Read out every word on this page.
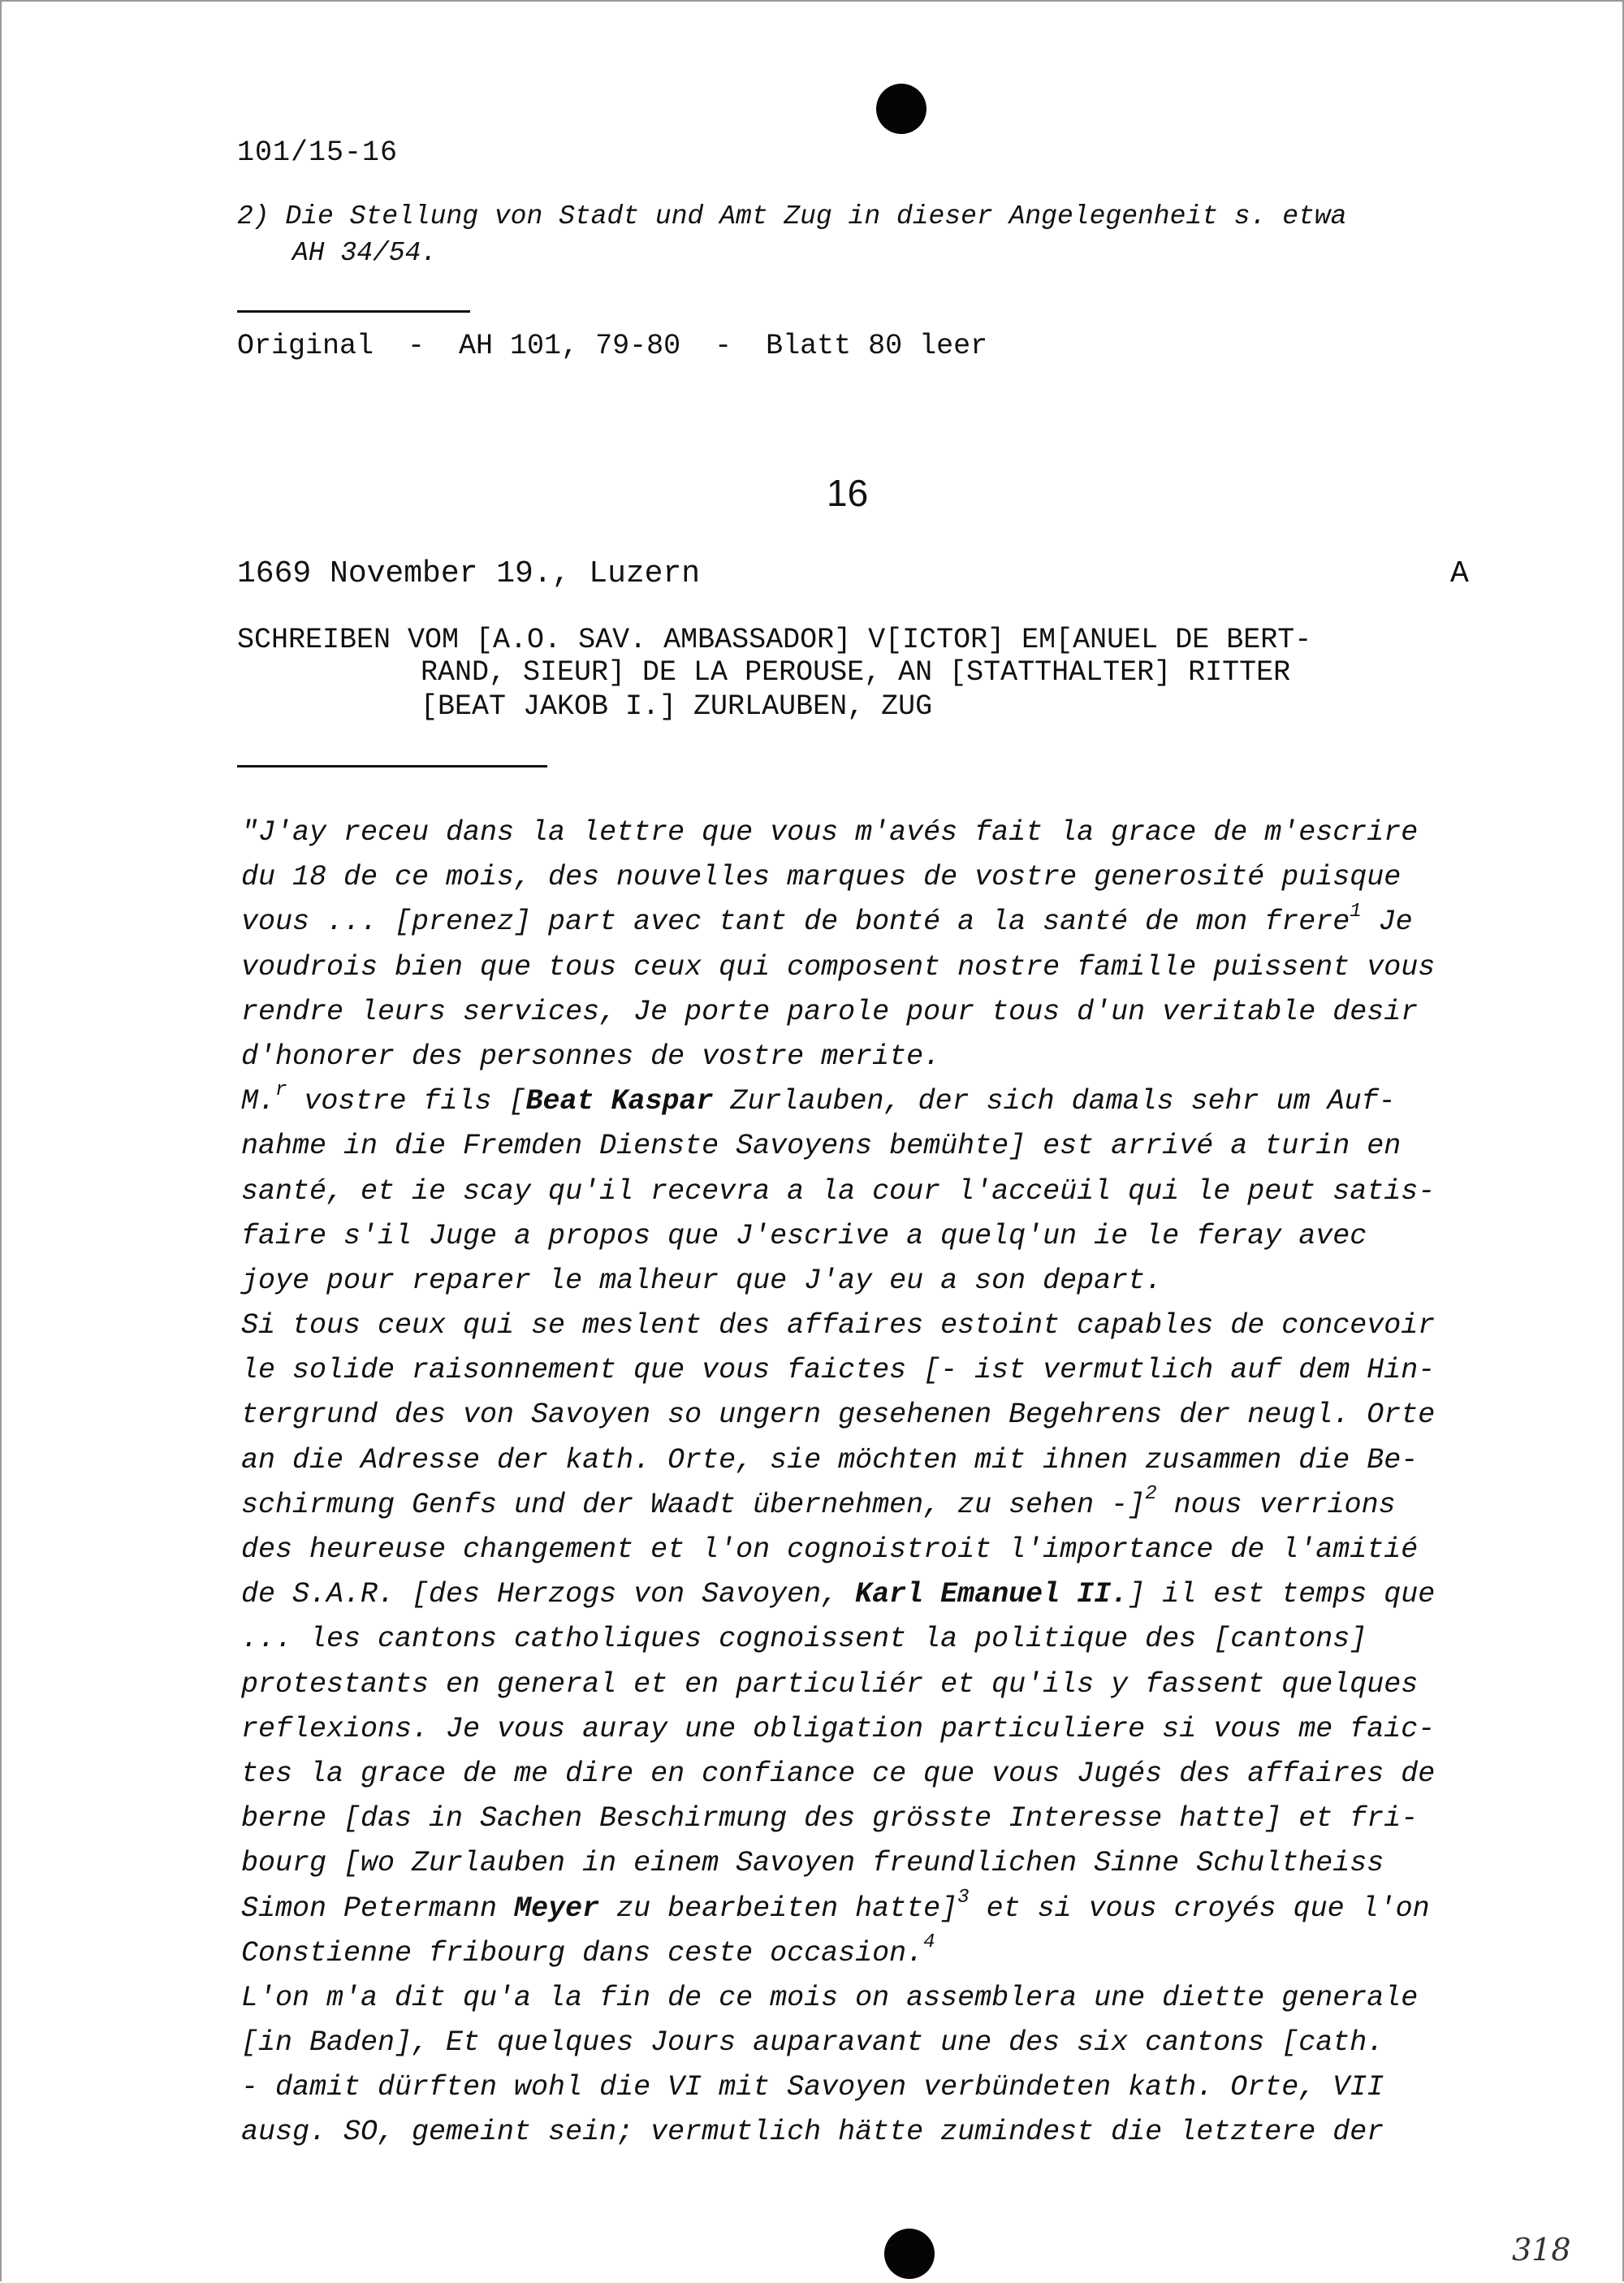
101/15-16
2) Die Stellung von Stadt und Amt Zug in dieser Angelegenheit s. etwa
AH 34/54.
Original  -  AH 101, 79-80  -  Blatt 80 leer
16
1669 November 19., Luzern	A
SCHREIBEN VOM [A.O. SAV. AMBASSADOR] V[ICTOR] EM[ANUEL DE BERT-
RAND, SIEUR] DE LA PEROUSE, AN [STATTHALTER] RITTER
[BEAT JAKOB I.] ZURLAUBEN, ZUG
"J'ay receu dans la lettre que vous m'avés fait la grace de m'escrire
du 18 de ce mois, des nouvelles marques de vostre generosité puisque
vous ... [prenez] part avec tant de bonté a la santé de mon frere$^1$ Je
voudrois bien que tous ceux qui composent nostre famille puissent vous
rendre leurs services, Je porte parole pour tous d'un veritable desir
d'honorer des personnes de vostre merite.
M.$^r$ vostre fils [Beat Kaspar Zurlauben, der sich damals sehr um Auf-
nahme in die Fremden Dienste Savoyens bemühte] est arrivé a turin en
santé, et ie scay qu'il recevra a la cour l'acceüil qui le peut satis-
faire s'il Juge a propos que J'escrive a quelq'un ie le feray avec
joye pour reparer le malheur que J'ay eu a son depart.
Si tous ceux qui se meslent des affaires estoint capables de concevoir
le solide raisonnement que vous faictes [- ist vermutlich auf dem Hin-
tergrund des von Savoyen so ungern gesehenen Begehrens der neugl. Orte
an die Adresse der kath. Orte, sie möchten mit ihnen zusammen die Be-
schirmung Genfs und der Waadt übernehmen, zu sehen -]$^2$ nous verrions
des heureuse changement et l'on cognoistroit l'importance de l'amitié
de S.A.R. [des Herzogs von Savoyen, Karl Emanuel II.] il est temps que
... les cantons catholiques cognoissent la politique des [cantons]
protestants en general et en particuliér et qu'ils y fassent quelques
reflexions. Je vous auray une obligation particuliere si vous me faic-
tes la grace de me dire en confiance ce que vous Jugés des affaires de
berne [das in Sachen Beschirmung des grösste Interesse hatte] et fri-
bourg [wo Zurlauben in einem Savoyen freundlichen Sinne Schultheiss
Simon Petermann Meyer zu bearbeiten hatte]$^3$ et si vous croyés que l'on
Constienne fribourg dans ceste occasion.$^4$
L'on m'a dit qu'a la fin de ce mois on assemblera une diette generale
[in Baden], Et quelques Jours auparavant une des six cantons [cath.
- damit dürften wohl die VI mit Savoyen verbündeten kath. Orte, VII
ausg. SO, gemeint sein; vermutlich hätte zumindest die letztere der
318
